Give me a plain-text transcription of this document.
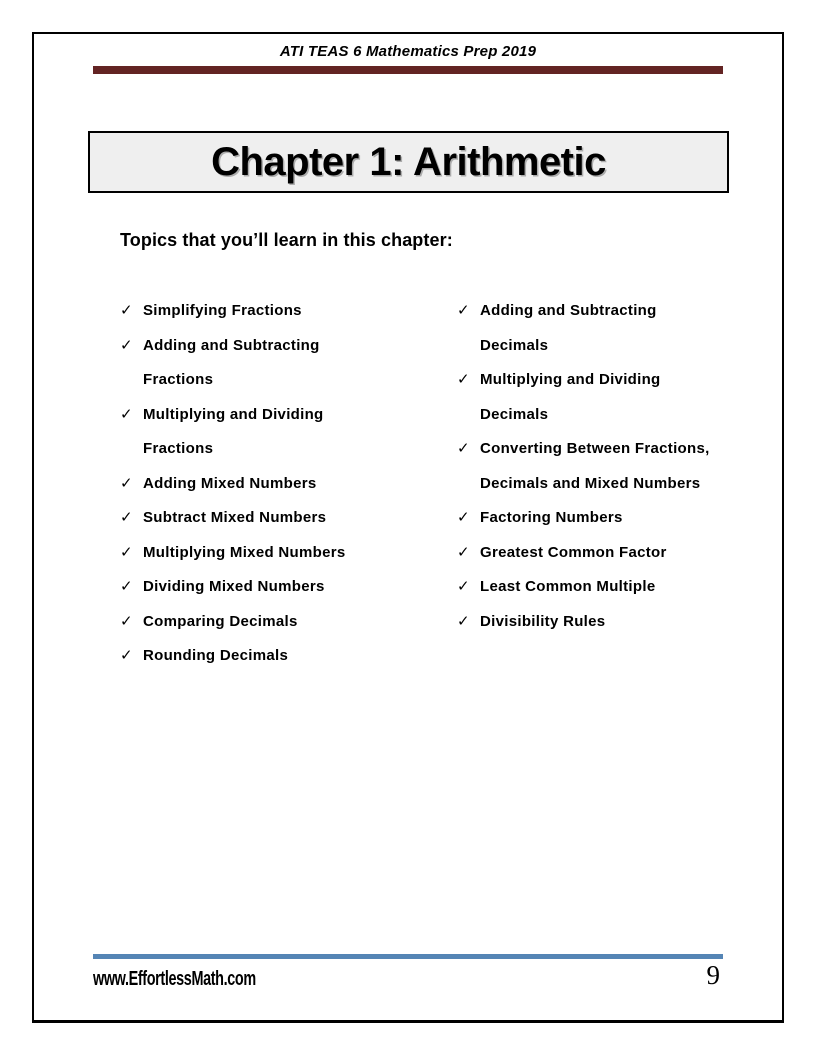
ATI TEAS 6 Mathematics Prep 2019
Chapter 1: Arithmetic
Topics that you’ll learn in this chapter:
✓ Simplifying Fractions
✓ Adding and Subtracting
Fractions
✓ Multiplying and Dividing
Fractions
✓ Adding Mixed Numbers
✓ Subtract Mixed Numbers
✓ Multiplying Mixed Numbers
✓ Dividing Mixed Numbers
✓ Comparing Decimals
✓ Rounding Decimals
✓ Adding and Subtracting
Decimals
✓ Multiplying and Dividing
Decimals
✓ Converting Between Fractions,
Decimals and Mixed Numbers
✓ Factoring Numbers
✓ Greatest Common Factor
✓ Least Common Multiple
✓ Divisibility Rules
www.EffortlessMath.com	9
